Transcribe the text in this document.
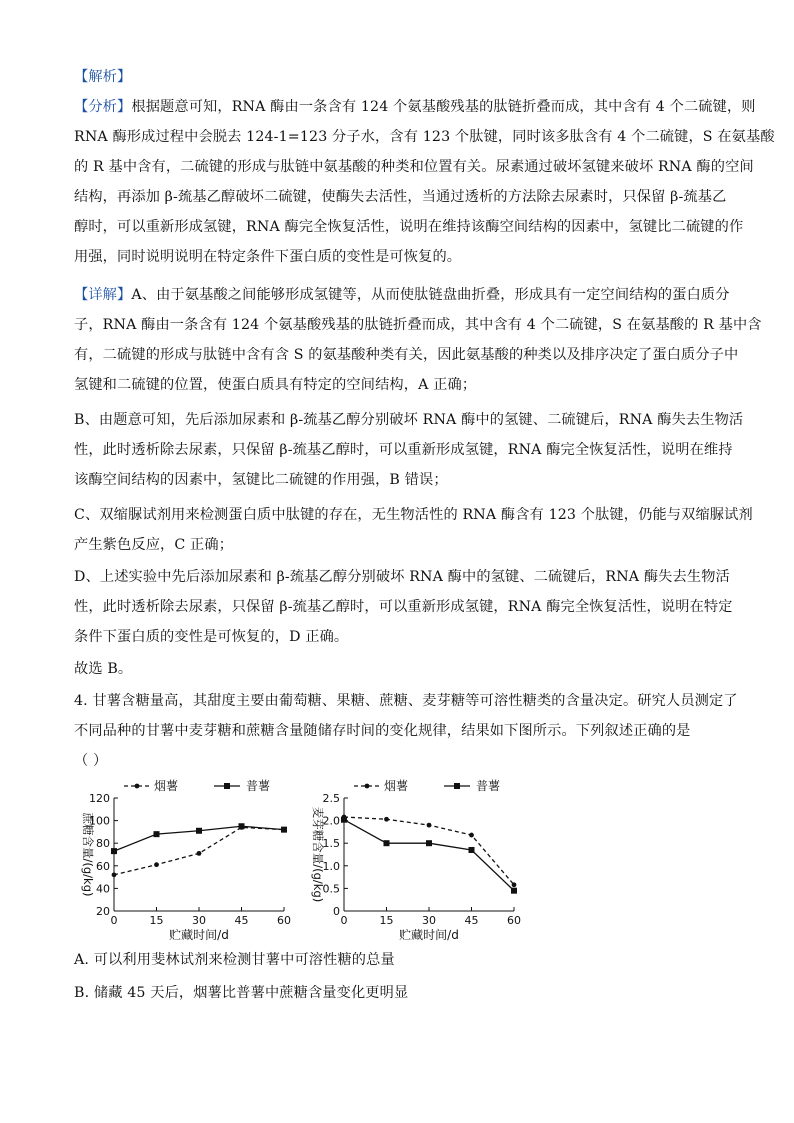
【解析】
【分析】根据题意可知，RNA 酶由一条含有 124 个氨基酸残基的肽链折叠而成，其中含有 4 个二硫键，则
RNA 酶形成过程中会脱去 124-1=123 分子水，含有 123 个肽键，同时该多肽含有 4 个二硫键，S 在氨基酸
的 R 基中含有，二硫键的形成与肽链中氨基酸的种类和位置有关。尿素通过破坏氢键来破坏 RNA 酶的空间
结构，再添加 β-巯基乙醇破坏二硫键，使酶失去活性，当通过透析的方法除去尿素时，只保留 β-巯基乙
醇时，可以重新形成氢键，RNA 酶完全恢复活性，说明在维持该酶空间结构的因素中，氢键比二硫键的作
用强，同时说明说明在特定条件下蛋白质的变性是可恢复的。
【详解】A、由于氨基酸之间能够形成氢键等，从而使肽链盘曲折叠，形成具有一定空间结构的蛋白质分
子，RNA 酶由一条含有 124 个氨基酸残基的肽链折叠而成，其中含有 4 个二硫键，S 在氨基酸的 R 基中含
有，二硫键的形成与肽链中含有含 S 的氨基酸种类有关，因此氨基酸的种类以及排序决定了蛋白质分子中
氢键和二硫键的位置，使蛋白质具有特定的空间结构，A 正确；
B、由题意可知，先后添加尿素和 β-巯基乙醇分别破坏 RNA 酶中的氢键、二硫键后，RNA 酶失去生物活
性，此时透析除去尿素，只保留 β-巯基乙醇时，可以重新形成氢键，RNA 酶完全恢复活性，说明在维持
该酶空间结构的因素中，氢键比二硫键的作用强，B 错误；
C、双缩脲试剂用来检测蛋白质中肽键的存在，无生物活性的 RNA 酶含有 123 个肽键，仍能与双缩脲试剂
产生紫色反应，C 正确；
D、上述实验中先后添加尿素和 β-巯基乙醇分别破坏 RNA 酶中的氢键、二硫键后，RNA 酶失去生物活
性，此时透析除去尿素，只保留 β-巯基乙醇时，可以重新形成氢键，RNA 酶完全恢复活性，说明在特定
条件下蛋白质的变性是可恢复的，D 正确。
故选 B。
4. 甘薯含糖量高，其甜度主要由葡萄糖、果糖、蔗糖、麦芽糖等可溶性糖类的含量决定。研究人员测定了
不同品种的甘薯中麦芽糖和蔗糖含量随储存时间的变化规律，结果如下图所示。下列叙述正确的是
（ ）
20
40
60
80
100
120
0	15	30	45	60
贮藏时间/d
蔗糖含量/(g/kg)
烟薯	普薯
0
0.5
1.0
1.5
2.0
2.5
0	15	30	45	60
贮藏时间/d
麦芽糖含量/(g/kg)
烟薯	普薯
A. 可以利用斐林试剂来检测甘薯中可溶性糖的总量
B. 储藏 45 天后，烟薯比普薯中蔗糖含量变化更明显
